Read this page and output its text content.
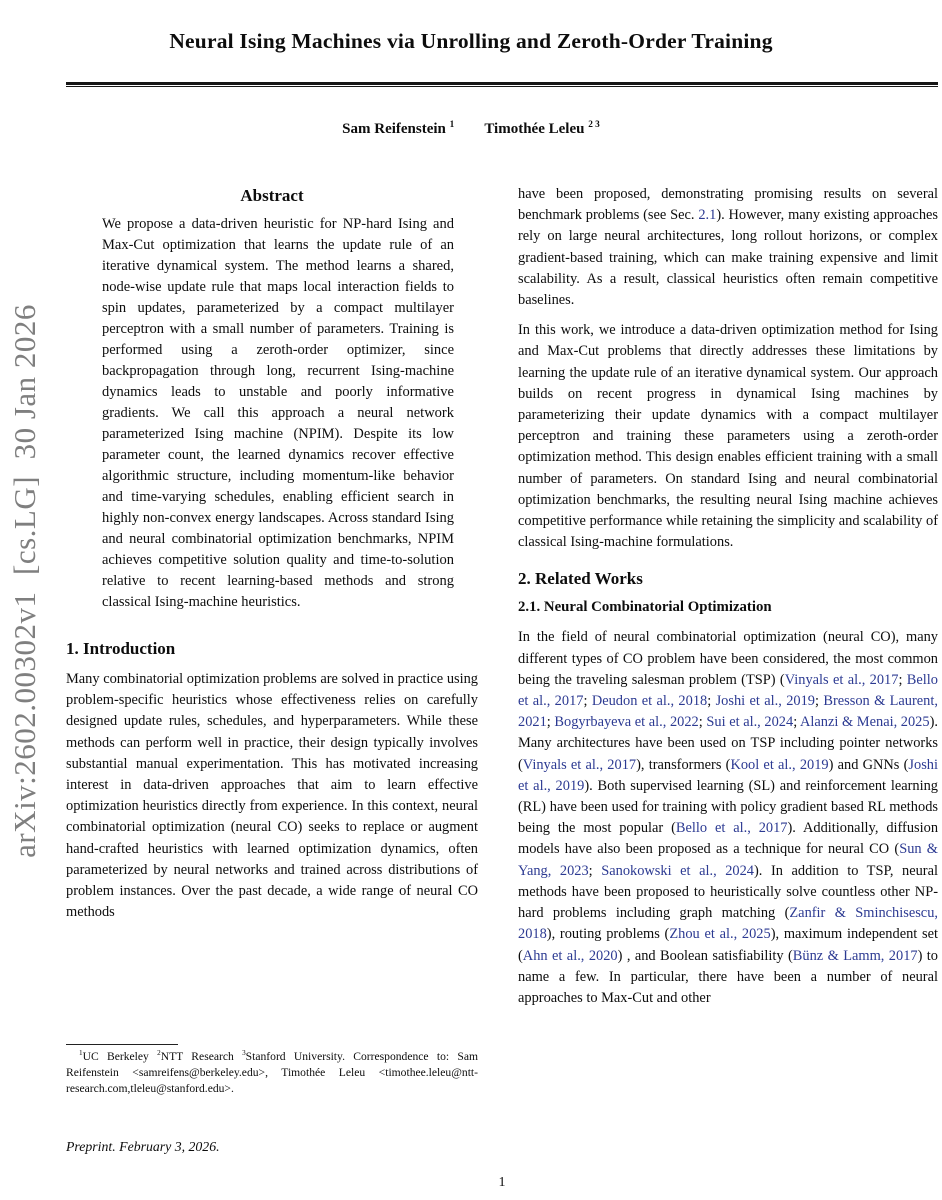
arXiv:2602.00302v1  [cs.LG]  30 Jan 2026
Neural Ising Machines via Unrolling and Zeroth-Order Training
Sam Reifenstein $^1$ Timothée Leleu $^{2 3}$
Abstract

We propose a data-driven heuristic for NP-hard Ising and Max-Cut optimization that learns the update rule of an iterative dynamical system. The method learns a shared, node-wise update rule that maps local interaction fields to spin updates, parameterized by a compact multilayer perceptron with a small number of parameters. Training is performed using a zeroth-order optimizer, since backpropagation through long, recurrent Ising-machine dynamics leads to unstable and poorly informative gradients. We call this approach a neural network parameterized Ising machine (NPIM). Despite its low parameter count, the learned dynamics recover effective algorithmic structure, including momentum-like behavior and time-varying schedules, enabling efficient search in highly non-convex energy landscapes. Across standard Ising and neural combinatorial optimization benchmarks, NPIM achieves competitive solution quality and time-to-solution relative to recent learning-based methods and strong classical Ising-machine heuristics.

1. Introduction

Many combinatorial optimization problems are solved in practice using problem-specific heuristics whose effectiveness relies on carefully designed update rules, schedules, and hyperparameters. While these methods can perform well in practice, their design typically involves substantial manual experimentation. This has motivated increasing interest in data-driven approaches that aim to learn effective optimization heuristics directly from experience. In this context, neural combinatorial optimization (neural CO) seeks to replace or augment hand-crafted heuristics with learned optimization dynamics, often parameterized by neural networks and trained across distributions of problem instances. Over the past decade, a wide range of neural CO methods

$^1$UC Berkeley $^2$NTT Research $^3$Stanford University. Correspondence to: Sam Reifenstein <samreifens@berkeley.edu>, Timothée Leleu <timothee.leleu@ntt-research.com,tleleu@stanford.edu>.

Preprint. February 3, 2026.

have been proposed, demonstrating promising results on several benchmark problems (see Sec. 2.1). However, many existing approaches rely on large neural architectures, long rollout horizons, or complex gradient-based training, which can make training expensive and limit scalability. As a result, classical heuristics often remain competitive baselines.

In this work, we introduce a data-driven optimization method for Ising and Max-Cut problems that directly addresses these limitations by learning the update rule of an iterative dynamical system. Our approach builds on recent progress in dynamical Ising machines by parameterizing their update dynamics with a compact multilayer perceptron and training these parameters using a zeroth-order optimization method. This design enables efficient training with a small number of parameters. On standard Ising and neural combinatorial optimization benchmarks, the resulting neural Ising machine achieves competitive performance while retaining the simplicity and scalability of classical Ising-machine formulations.

2. Related Works
2.1. Neural Combinatorial Optimization

In the field of neural combinatorial optimization (neural CO), many different types of CO problem have been considered, the most common being the traveling salesman problem (TSP) (Vinyals et al., 2017; Bello et al., 2017; Deudon et al., 2018; Joshi et al., 2019; Bresson & Laurent, 2021; Bogyrbayeva et al., 2022; Sui et al., 2024; Alanzi & Menai, 2025). Many architectures have been used on TSP including pointer networks (Vinyals et al., 2017), transformers (Kool et al., 2019) and GNNs (Joshi et al., 2019). Both supervised learning (SL) and reinforcement learning (RL) have been used for training with policy gradient based RL methods being the most popular (Bello et al., 2017). Additionally, diffusion models have also been proposed as a technique for neural CO (Sun & Yang, 2023; Sanokowski et al., 2024). In addition to TSP, neural methods have been proposed to heuristically solve countless other NP-hard problems including graph matching (Zanfir & Sminchisescu, 2018), routing problems (Zhou et al., 2025), maximum independent set (Ahn et al., 2020) , and Boolean satisfiability (Bünz & Lamm, 2017) to name a few. In particular, there have been a number of neural approaches to Max-Cut and other

1
